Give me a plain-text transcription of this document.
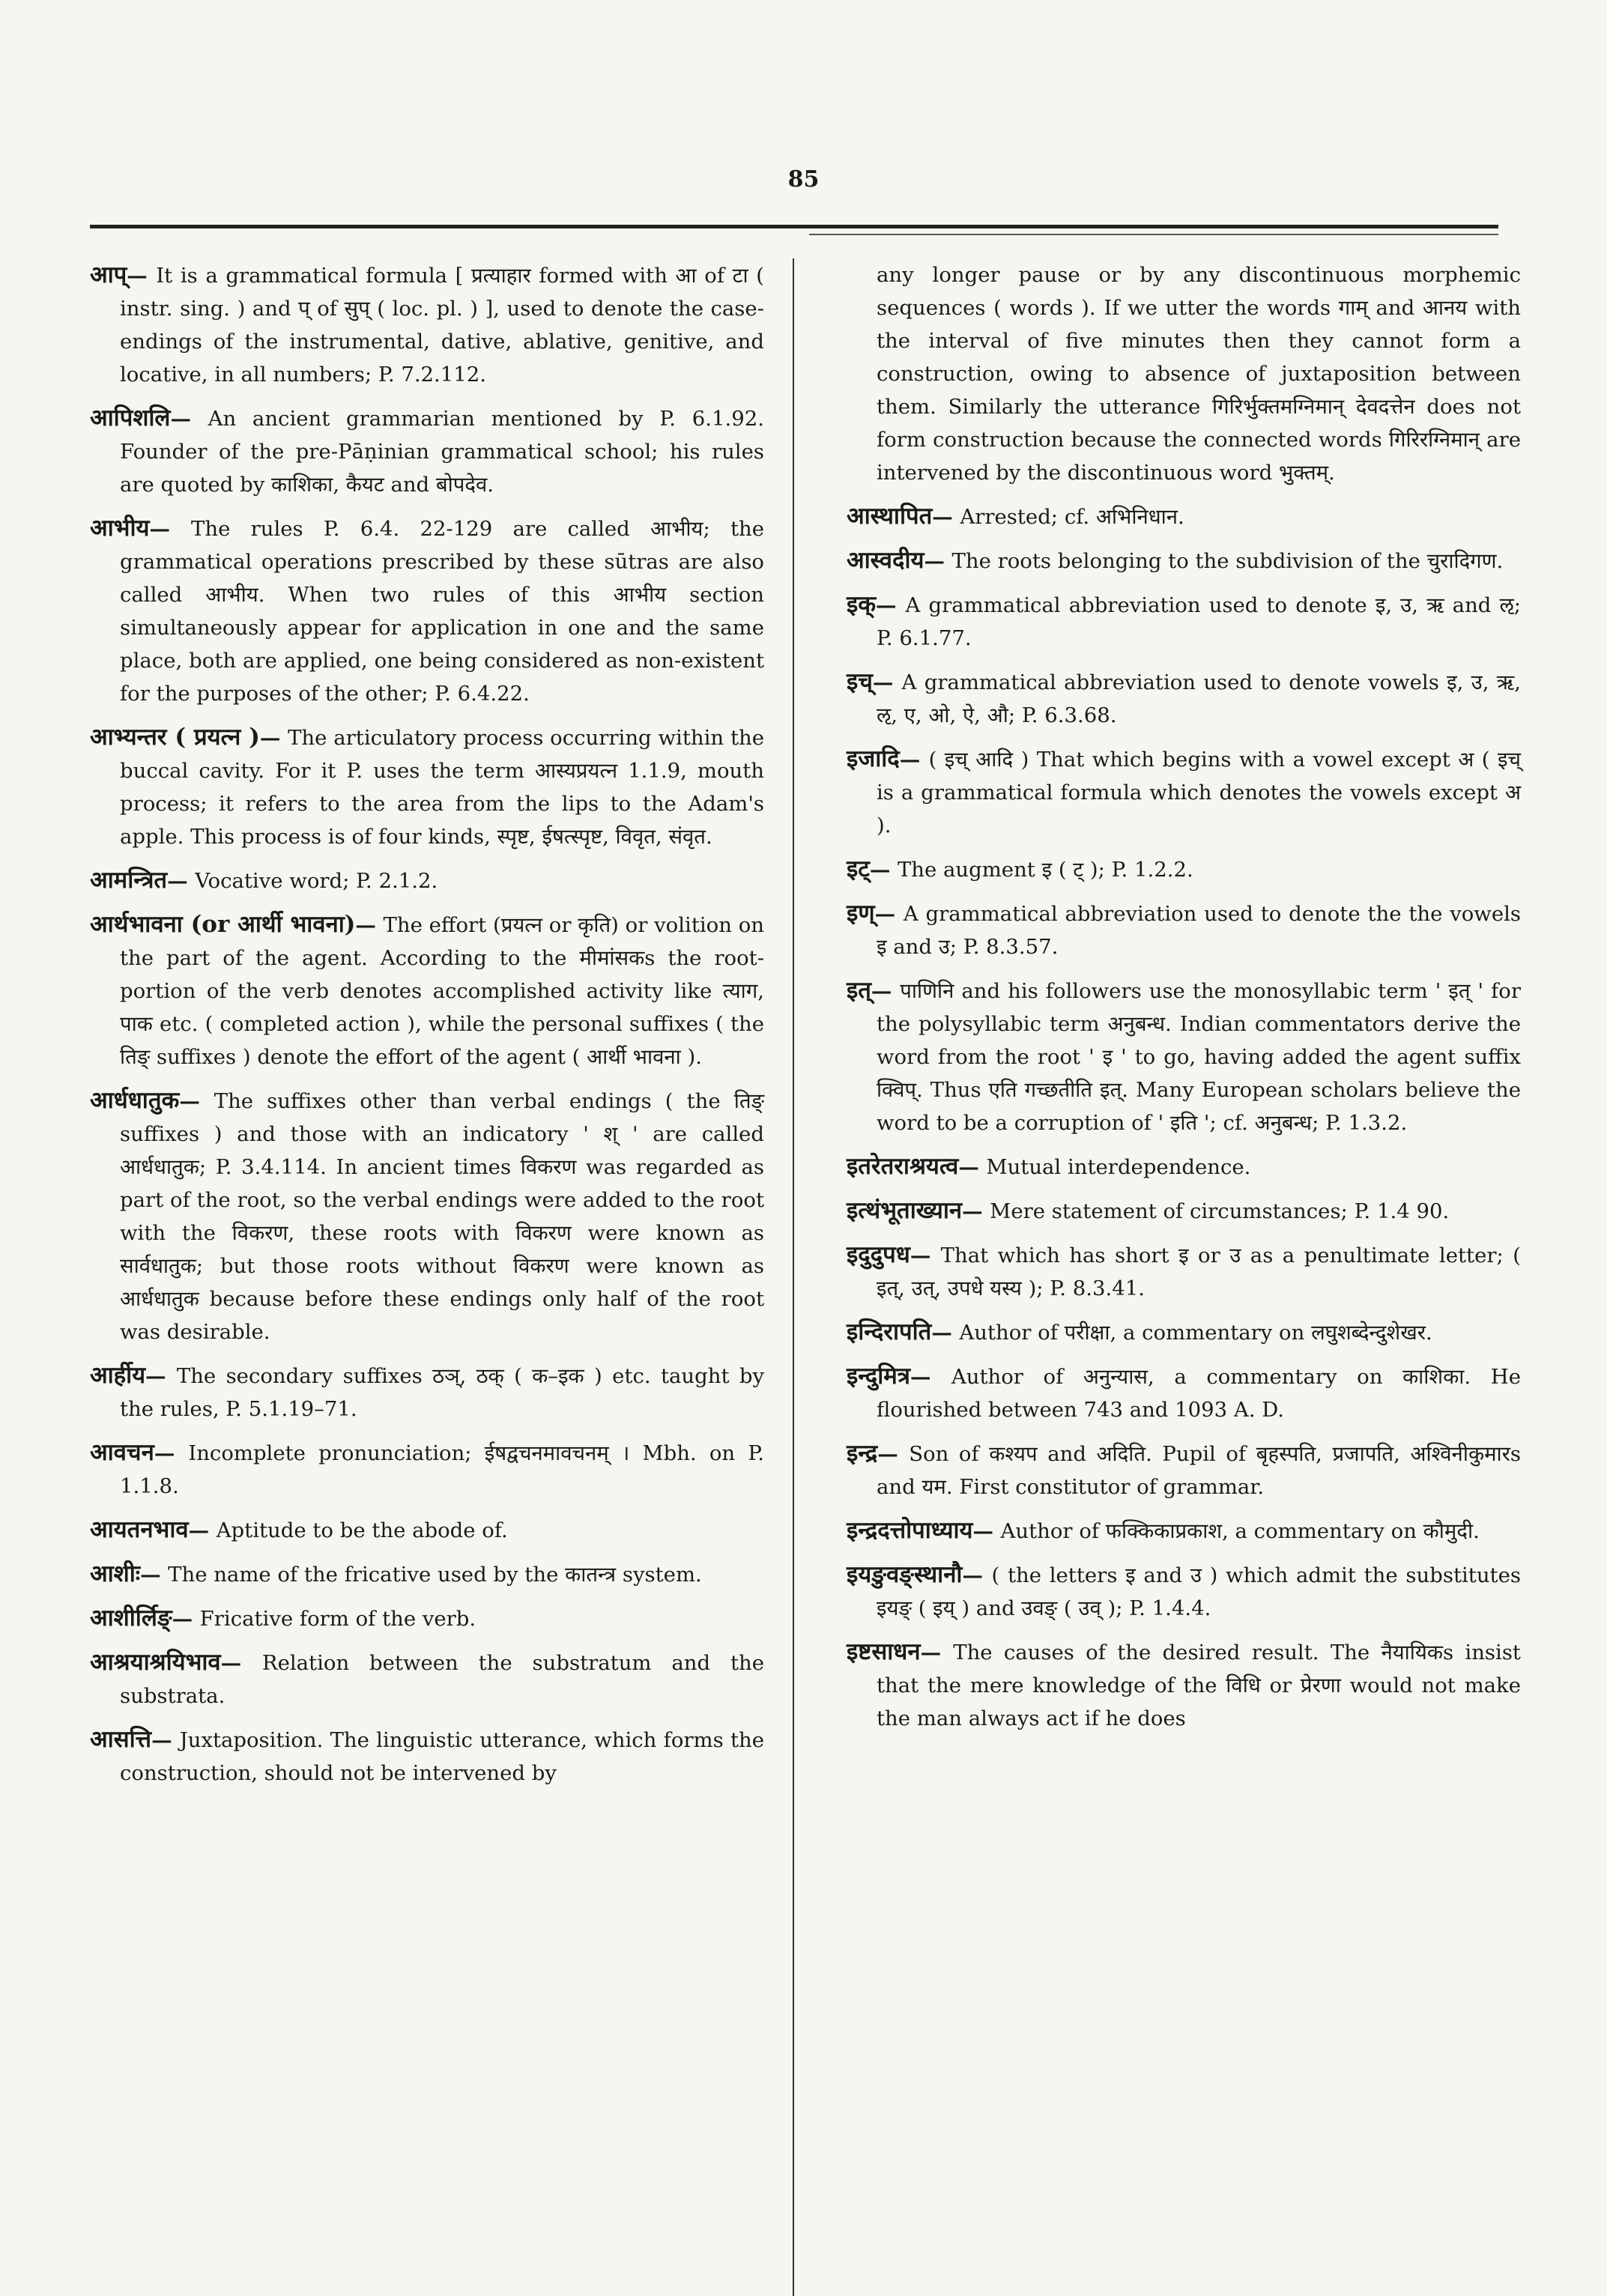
85

आप्— It is a grammatical formula [ प्रत्याहार formed with आ of टा ( instr. sing. ) and प् of सुप् ( loc. pl. ) ], used to denote the case-endings of the instrumental, dative, ablative, genitive, and locative, in all numbers; P. 7.2.112.

आपिशलि— An ancient grammarian mentioned by P. 6.1.92. Founder of the pre-Pāṇinian grammatical school; his rules are quoted by काशिका, कैयट and बोपदेव.

आभीय— The rules P. 6.4. 22-129 are called आभीय; the grammatical operations prescribed by these sūtras are also called आभीय. When two rules of this आभीय section simultaneously appear for application in one and the same place, both are applied, one being considered as non-existent for the purposes of the other; P. 6.4.22.

आभ्यन्तर ( प्रयत्न )— The articulatory process occurring within the buccal cavity. For it P. uses the term आस्यप्रयत्न 1.1.9, mouth process; it refers to the area from the lips to the Adam's apple. This process is of four kinds, स्पृष्ट, ईषत्स्पृष्ट, विवृत, संवृत.

आमन्त्रित— Vocative word; P. 2.1.2.

आर्थभावना (or आर्थी भावना)— The effort (प्रयत्न or कृति) or volition on the part of the agent. According to the मीमांसकs the root-portion of the verb denotes accomplished activity like त्याग, पाक etc. ( completed action ), while the personal suffixes ( the तिङ् suffixes ) denote the effort of the agent ( आर्थी भावना ).

आर्धधातुक— The suffixes other than verbal endings ( the तिङ् suffixes ) and those with an indicatory ' श् ' are called आर्धधातुक; P. 3.4.114. In ancient times विकरण was regarded as part of the root, so the verbal endings were added to the root with the विकरण, these roots with विकरण were known as सार्वधातुक; but those roots without विकरण were known as आर्धधातुक because before these endings only half of the root was desirable.

आर्हीय— The secondary suffixes ठञ्, ठक् ( क–इक ) etc. taught by the rules, P. 5.1.19–71.

आवचन— Incomplete pronunciation; ईषद्वचनमावचनम् । Mbh. on P. 1.1.8.

आयतनभाव— Aptitude to be the abode of.

आशीः— The name of the fricative used by the कातन्त्र system.

आशीर्लिङ्— Fricative form of the verb.

आश्रयाश्रयिभाव— Relation between the substratum and the substrata.

आसत्ति— Juxtaposition. The linguistic utterance, which forms the construction, should not be intervened by

any longer pause or by any discontinuous morphemic sequences ( words ). If we utter the words गाम् and आनय with the interval of five minutes then they cannot form a construction, owing to absence of juxtaposition between them. Similarly the utterance गिरिर्भुक्तमग्निमान् देवदत्तेन does not form construction because the connected words गिरिरग्निमान् are intervened by the discontinuous word भुक्तम्.

आस्थापित— Arrested; cf. अभिनिधान.

आस्वदीय— The roots belonging to the subdivision of the चुरादिगण.

इक्— A grammatical abbreviation used to denote इ, उ, ऋ and ऌ; P. 6.1.77.

इच्— A grammatical abbreviation used to denote vowels इ, उ, ऋ, ऌ, ए, ओ, ऐ, औ; P. 6.3.68.

इजादि— ( इच् आदि ) That which begins with a vowel except अ ( इच् is a grammatical formula which denotes the vowels except अ ).

इट्— The augment इ ( ट् ); P. 1.2.2.

इण्— A grammatical abbreviation used to denote the the vowels इ and उ; P. 8.3.57.

इत्— पाणिनि and his followers use the monosyllabic term ' इत् ' for the polysyllabic term अनुबन्ध. Indian commentators derive the word from the root ' इ ' to go, having added the agent suffix क्विप्. Thus एति गच्छतीति इत्. Many European scholars believe the word to be a corruption of ' इति '; cf. अनुबन्ध; P. 1.3.2.

इतरेतराश्रयत्व— Mutual interdependence.

इत्थंभूताख्यान— Mere statement of circumstances; P. 1.4 90.

इदुदुपध— That which has short इ or उ as a penultimate letter; ( इत्, उत्, उपधे यस्य ); P. 8.3.41.

इन्दिरापति— Author of परीक्षा, a commentary on लघुशब्देन्दुशेखर.

इन्दुमित्र— Author of अनुन्यास, a commentary on काशिका. He flourished between 743 and 1093 A. D.

इन्द्र— Son of कश्यप and अदिति. Pupil of बृहस्पति, प्रजापति, अश्विनीकुमारs and यम. First constitutor of grammar.

इन्द्रदत्तोपाध्याय— Author of फक्किकाप्रकाश, a commentary on कौमुदी.

इयङुवङ्स्थानौ— ( the letters इ and उ ) which admit the substitutes इयङ् ( इय् ) and उवङ् ( उव् ); P. 1.4.4.

इष्टसाधन— The causes of the desired result. The नैयायिकs insist that the mere knowledge of the विधि or प्रेरणा would not make the man always act if he does
